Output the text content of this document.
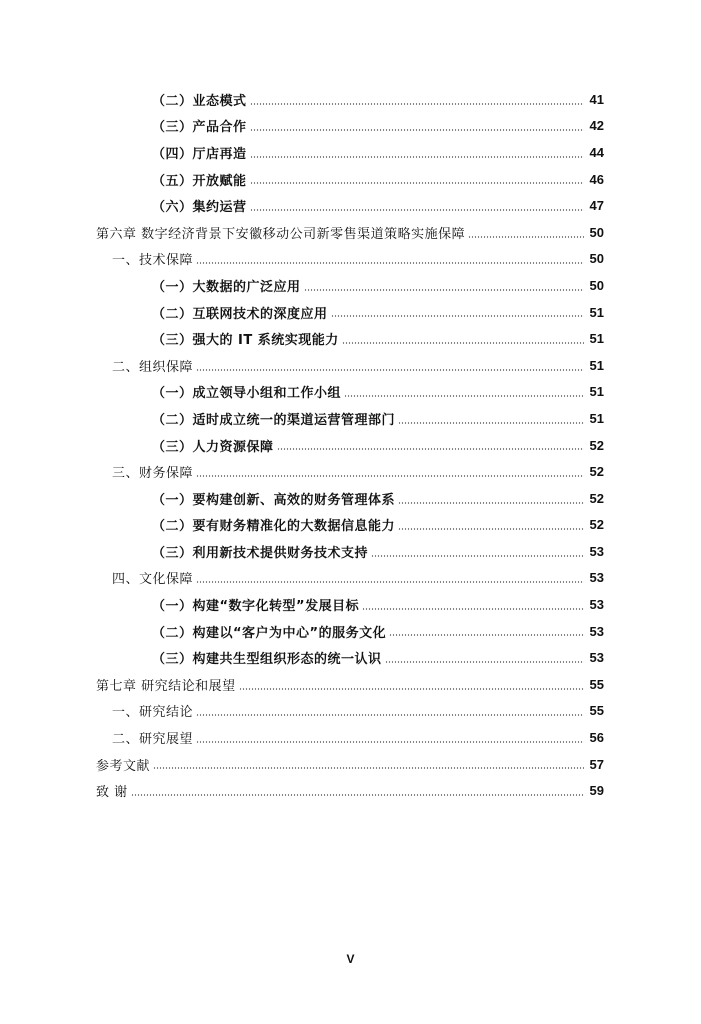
（二）业态模式	41
（三）产品合作	42
（四）厅店再造	44
（五）开放赋能	46
（六）集约运营	47
第六章 数字经济背景下安徽移动公司新零售渠道策略实施保障	50
一、技术保障	50
（一）大数据的广泛应用	50
（二）互联网技术的深度应用	51
（三）强大的 IT 系统实现能力	51
二、组织保障	51
（一）成立领导小组和工作小组	51
（二）适时成立统一的渠道运营管理部门	51
（三）人力资源保障	52
三、财务保障	52
（一）要构建创新、高效的财务管理体系	52
（二）要有财务精准化的大数据信息能力	52
（三）利用新技术提供财务技术支持	53
四、文化保障	53
（一）构建“数字化转型”发展目标	53
（二）构建以“客户为中心”的服务文化	53
（三）构建共生型组织形态的统一认识	53
第七章 研究结论和展望	55
一、研究结论	55
二、研究展望	56
参考文献	57
致 谢	59
V
